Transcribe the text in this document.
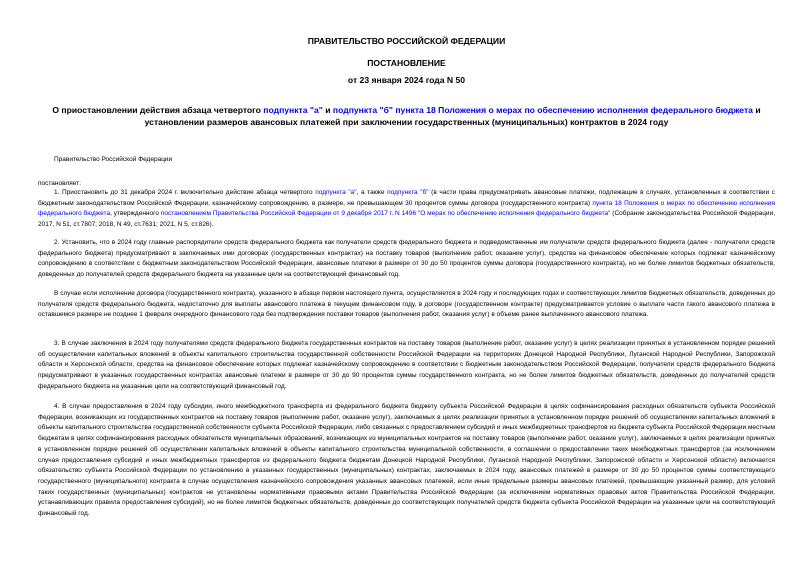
ПРАВИТЕЛЬСТВО РОССИЙСКОЙ ФЕДЕРАЦИИ
ПОСТАНОВЛЕНИЕ
от 23 января 2024 года N 50
О приостановлении действия абзаца четвертого подпункта "а" и подпункта "б" пункта 18 Положения о мерах по обеспечению исполнения федерального бюджета и установлении размеров авансовых платежей при заключении государственных (муниципальных) контрактов в 2024 году

Правительство Российской Федерации

постановляет:

1. Приостановить до 31 декабря 2024 г. включительно действие абзаца четвертого подпункта "а", а также подпункта "б" (в части права предусматривать авансовые платежи, подлежащие в случаях, установленных в соответствии с бюджетным законодательством Российской Федерации, казначейскому сопровождению, в размере, не превышающем 30 процентов суммы договора (государственного контракта) пункта 18 Положения о мерах по обеспечению исполнения федерального бюджета, утвержденного постановлением Правительства Российской Федерации от 9 декабря 2017 г. N 1496 "О мерах по обеспечению исполнения федерального бюджета" (Собрание законодательства Российской Федерации, 2017, N 51, ст.7807; 2018, N 49, ст.7631; 2021, N 5, ст.826).

2. Установить, что в 2024 году главные распорядители средств федерального бюджета как получатели средств федерального бюджета и подведомственные им получатели средств федерального бюджета (далее - получатели средств федерального бюджета) предусматривают в заключаемых ими договорах (государственных контрактах) на поставку товаров (выполнение работ, оказание услуг), средства на финансовое обеспечение которых подлежат казначейскому сопровождению в соответствии с бюджетным законодательством Российской Федерации, авансовые платежи в размере от 30 до 50 процентов суммы договора (государственного контракта), но не более лимитов бюджетных обязательств, доведенных до получателей средств федерального бюджета на указанные цели на соответствующий финансовый год.

В случае если исполнение договора (государственного контракта), указанного в абзаце первом настоящего пункта, осуществляется в 2024 году и последующих годах и соответствующих лимитов бюджетных обязательств, доведенных до получателя средств федерального бюджета, недостаточно для выплаты авансового платежа в текущем финансовом году, в договоре (государственном контракте) предусматривается условие о выплате части такого авансового платежа в оставшемся размере не позднее 1 февраля очередного финансового года без подтверждения поставки товаров (выполнения работ, оказания услуг) в объеме ранее выплаченного авансового платежа.

3. В случае заключения в 2024 году получателями средств федерального бюджета государственных контрактов на поставку товаров (выполнение работ, оказание услуг) в целях реализации принятых в установленном порядке решений об осуществлении капитальных вложений в объекты капитального строительства государственной собственности Российской Федерации на территориях Донецкой Народной Республики, Луганской Народной Республики, Запорожской области и Херсонской области, средства на финансовое обеспечение которых подлежат казначейскому сопровождению в соответствии с бюджетным законодательством Российской Федерации, получатели средств федерального бюджета предусматривают в указанных государственных контрактах авансовые платежи в размере от 30 до 90 процентов суммы государственного контракта, но не более лимитов бюджетных обязательств, доведенных до получателей средств федерального бюджета на указанные цели на соответствующий финансовый год.

4. В случае предоставления в 2024 году субсидии, иного межбюджетного трансферта из федерального бюджета бюджету субъекта Российской Федерации в целях софинансирования расходных обязательств субъекта Российской Федерации, возникающих из государственных контрактов на поставку товаров (выполнение работ, оказание услуг), заключаемых в целях реализации принятых в установленном порядке решений об осуществлении капитальных вложений в объекты капитального строительства государственной собственности субъекта Российской Федерации, либо связанных с предоставлением субсидий и иных межбюджетных трансфертов из бюджета субъекта Российской Федерации местным бюджетам в целях софинансирования расходных обязательств муниципальных образований, возникающих из муниципальных контрактов на поставку товаров (выполнение работ, оказание услуг), заключаемых в целях реализации принятых в установленном порядке решений об осуществлении капитальных вложений в объекты капитального строительства муниципальной собственности, в соглашении о предоставлении таких межбюджетных трансфертов (за исключением случая предоставления субсидий и иных межбюджетных трансфертов из федерального бюджета бюджетам Донецкой Народной Республики, Луганской Народной Республики, Запорожской области и Херсонской области) включается обязательство субъекта Российской Федерации по установлению в указанных государственных (муниципальных) контрактах, заключаемых в 2024 году, авансовых платежей в размере от 30 до 50 процентов суммы соответствующего государственного (муниципального) контракта в случае осуществления казначейского сопровождения указанных авансовых платежей, если иные предельные размеры авансовых платежей, превышающие указанный размер, для условий таких государственных (муниципальных) контрактов не установлены нормативными правовыми актами Правительства Российской Федерации (за исключением нормативных правовых актов Правительства Российской Федерации, устанавливающих правила предоставления субсидий), но не более лимитов бюджетных обязательств, доведенных до соответствующих получателей средств бюджета субъекта Российской Федерации на указанные цели на соответствующий финансовый год.
